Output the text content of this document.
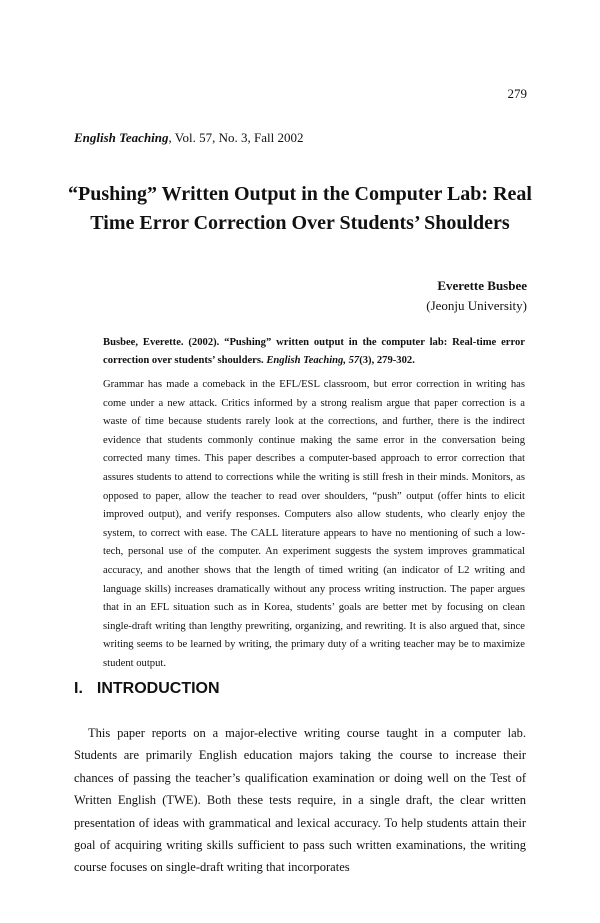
279
English Teaching, Vol. 57, No. 3, Fall 2002
“Pushing” Written Output in the Computer Lab: Real Time Error Correction Over Students’ Shoulders
Everette Busbee
(Jeonju University)

Busbee, Everette. (2002). “Pushing” written output in the computer lab: Real-time error correction over students’ shoulders. English Teaching, 57(3), 279-302.

Grammar has made a comeback in the EFL/ESL classroom, but error correction in writing has come under a new attack. Critics informed by a strong realism argue that paper correction is a waste of time because students rarely look at the corrections, and further, there is the indirect evidence that students commonly continue making the same error in the conversation being corrected many times. This paper describes a computer-based approach to error correction that assures students to attend to corrections while the writing is still fresh in their minds. Monitors, as opposed to paper, allow the teacher to read over shoulders, “push” output (offer hints to elicit improved output), and verify responses. Computers also allow students, who clearly enjoy the system, to correct with ease. The CALL literature appears to have no mentioning of such a low-tech, personal use of the computer. An experiment suggests the system improves grammatical accuracy, and another shows that the length of timed writing (an indicator of L2 writing and language skills) increases dramatically without any process writing instruction. The paper argues that in an EFL situation such as in Korea, students’ goals are better met by focusing on clean single-draft writing than lengthy prewriting, organizing, and rewriting. It is also argued that, since writing seems to be learned by writing, the primary duty of a writing teacher may be to maximize student output.

I. INTRODUCTION

This paper reports on a major-elective writing course taught in a computer lab. Students are primarily English education majors taking the course to increase their chances of passing the teacher’s qualification examination or doing well on the Test of Written English (TWE). Both these tests require, in a single draft, the clear written presentation of ideas with grammatical and lexical accuracy. To help students attain their goal of acquiring writing skills sufficient to pass such written examinations, the writing course focuses on single-draft writing that incorporates
